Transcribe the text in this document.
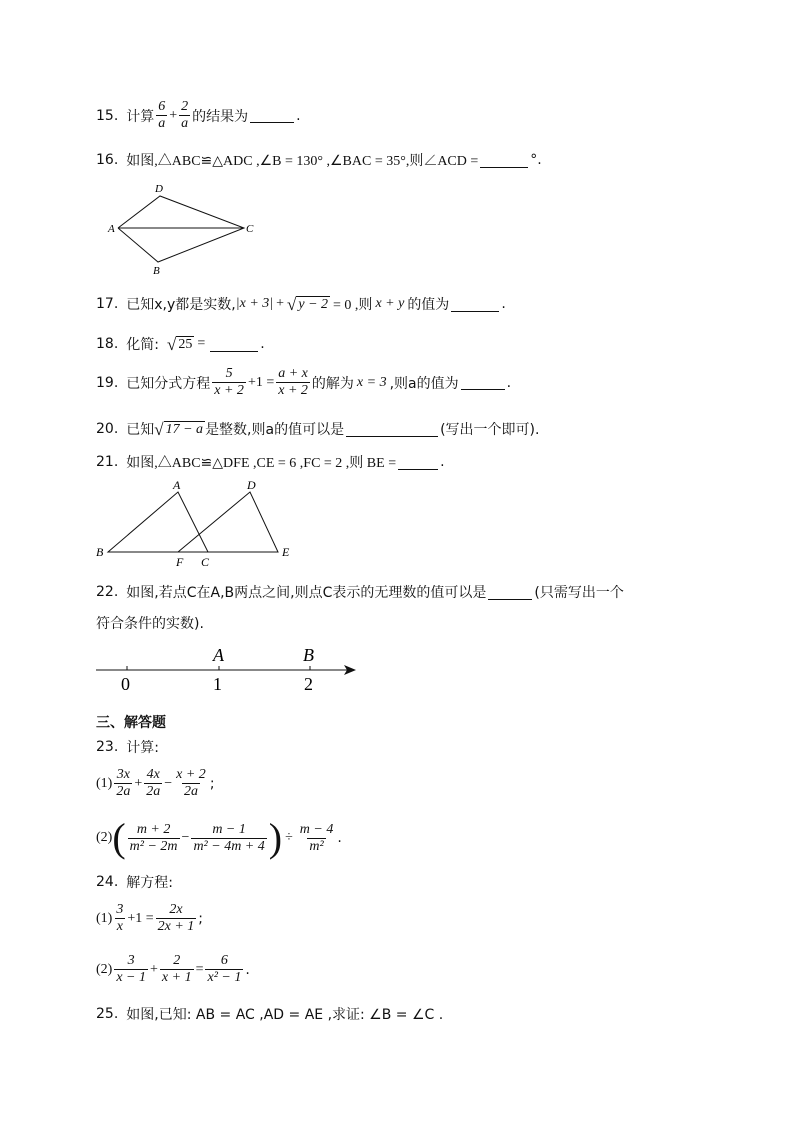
15. 计算 $\frac{6}{a} + \frac{2}{a}$ 的结果为	.
16. 如图,△ABC≌△ADC ,∠B = 130° ,∠BAC = 35°,则∠ACD =	°.
A
D
C
B
17. 已知x,y都是实数, |x + 3| + √ y − 2 = 0 ,则 x + y 的值为	.
18. 化简: √ 25 =	.
19. 已知分式方程 $\frac{5}{x + 2} +1 = \frac{a + x}{x + 2}$ 的解为 x = 3 ,则a的值为	.
20. 已知 √ 17 − a 是整数,则a的值可以是	(写出一个即可).
21. 如图,△ABC≌△DFE ,CE = 6 ,FC = 2 ,则 BE =	.
B
A	D
E
F C
22. 如图,若点C在A,B两点之间,则点C表示的无理数的值可以是	(只需写出一个
符合条件的实数).
0	1	2
A	B
三、解答题
23. 计算:
$(1) \frac{3x}{2a} + \frac{4x}{2a} - \frac{x + 2}{2a}$ ;
(2) ( $\frac{m + 2}{\text{m² − 2m}} - \frac{m - 1}{\text{m² − 4m + 4}}$ ) ÷ $\frac{m - 4}{\text{m²}}$ .
24. 解方程:
$(1) \frac{3}{x} +1 = \frac{2x}{2x + 1}$ ;
$(2) \frac{3}{x - 1} + \frac{2}{x + 1} = \frac{6}{\text{x² − 1}}$ .
25. 如图,已知: AB = AC ,AD = AE ,求证: ∠B = ∠C .
